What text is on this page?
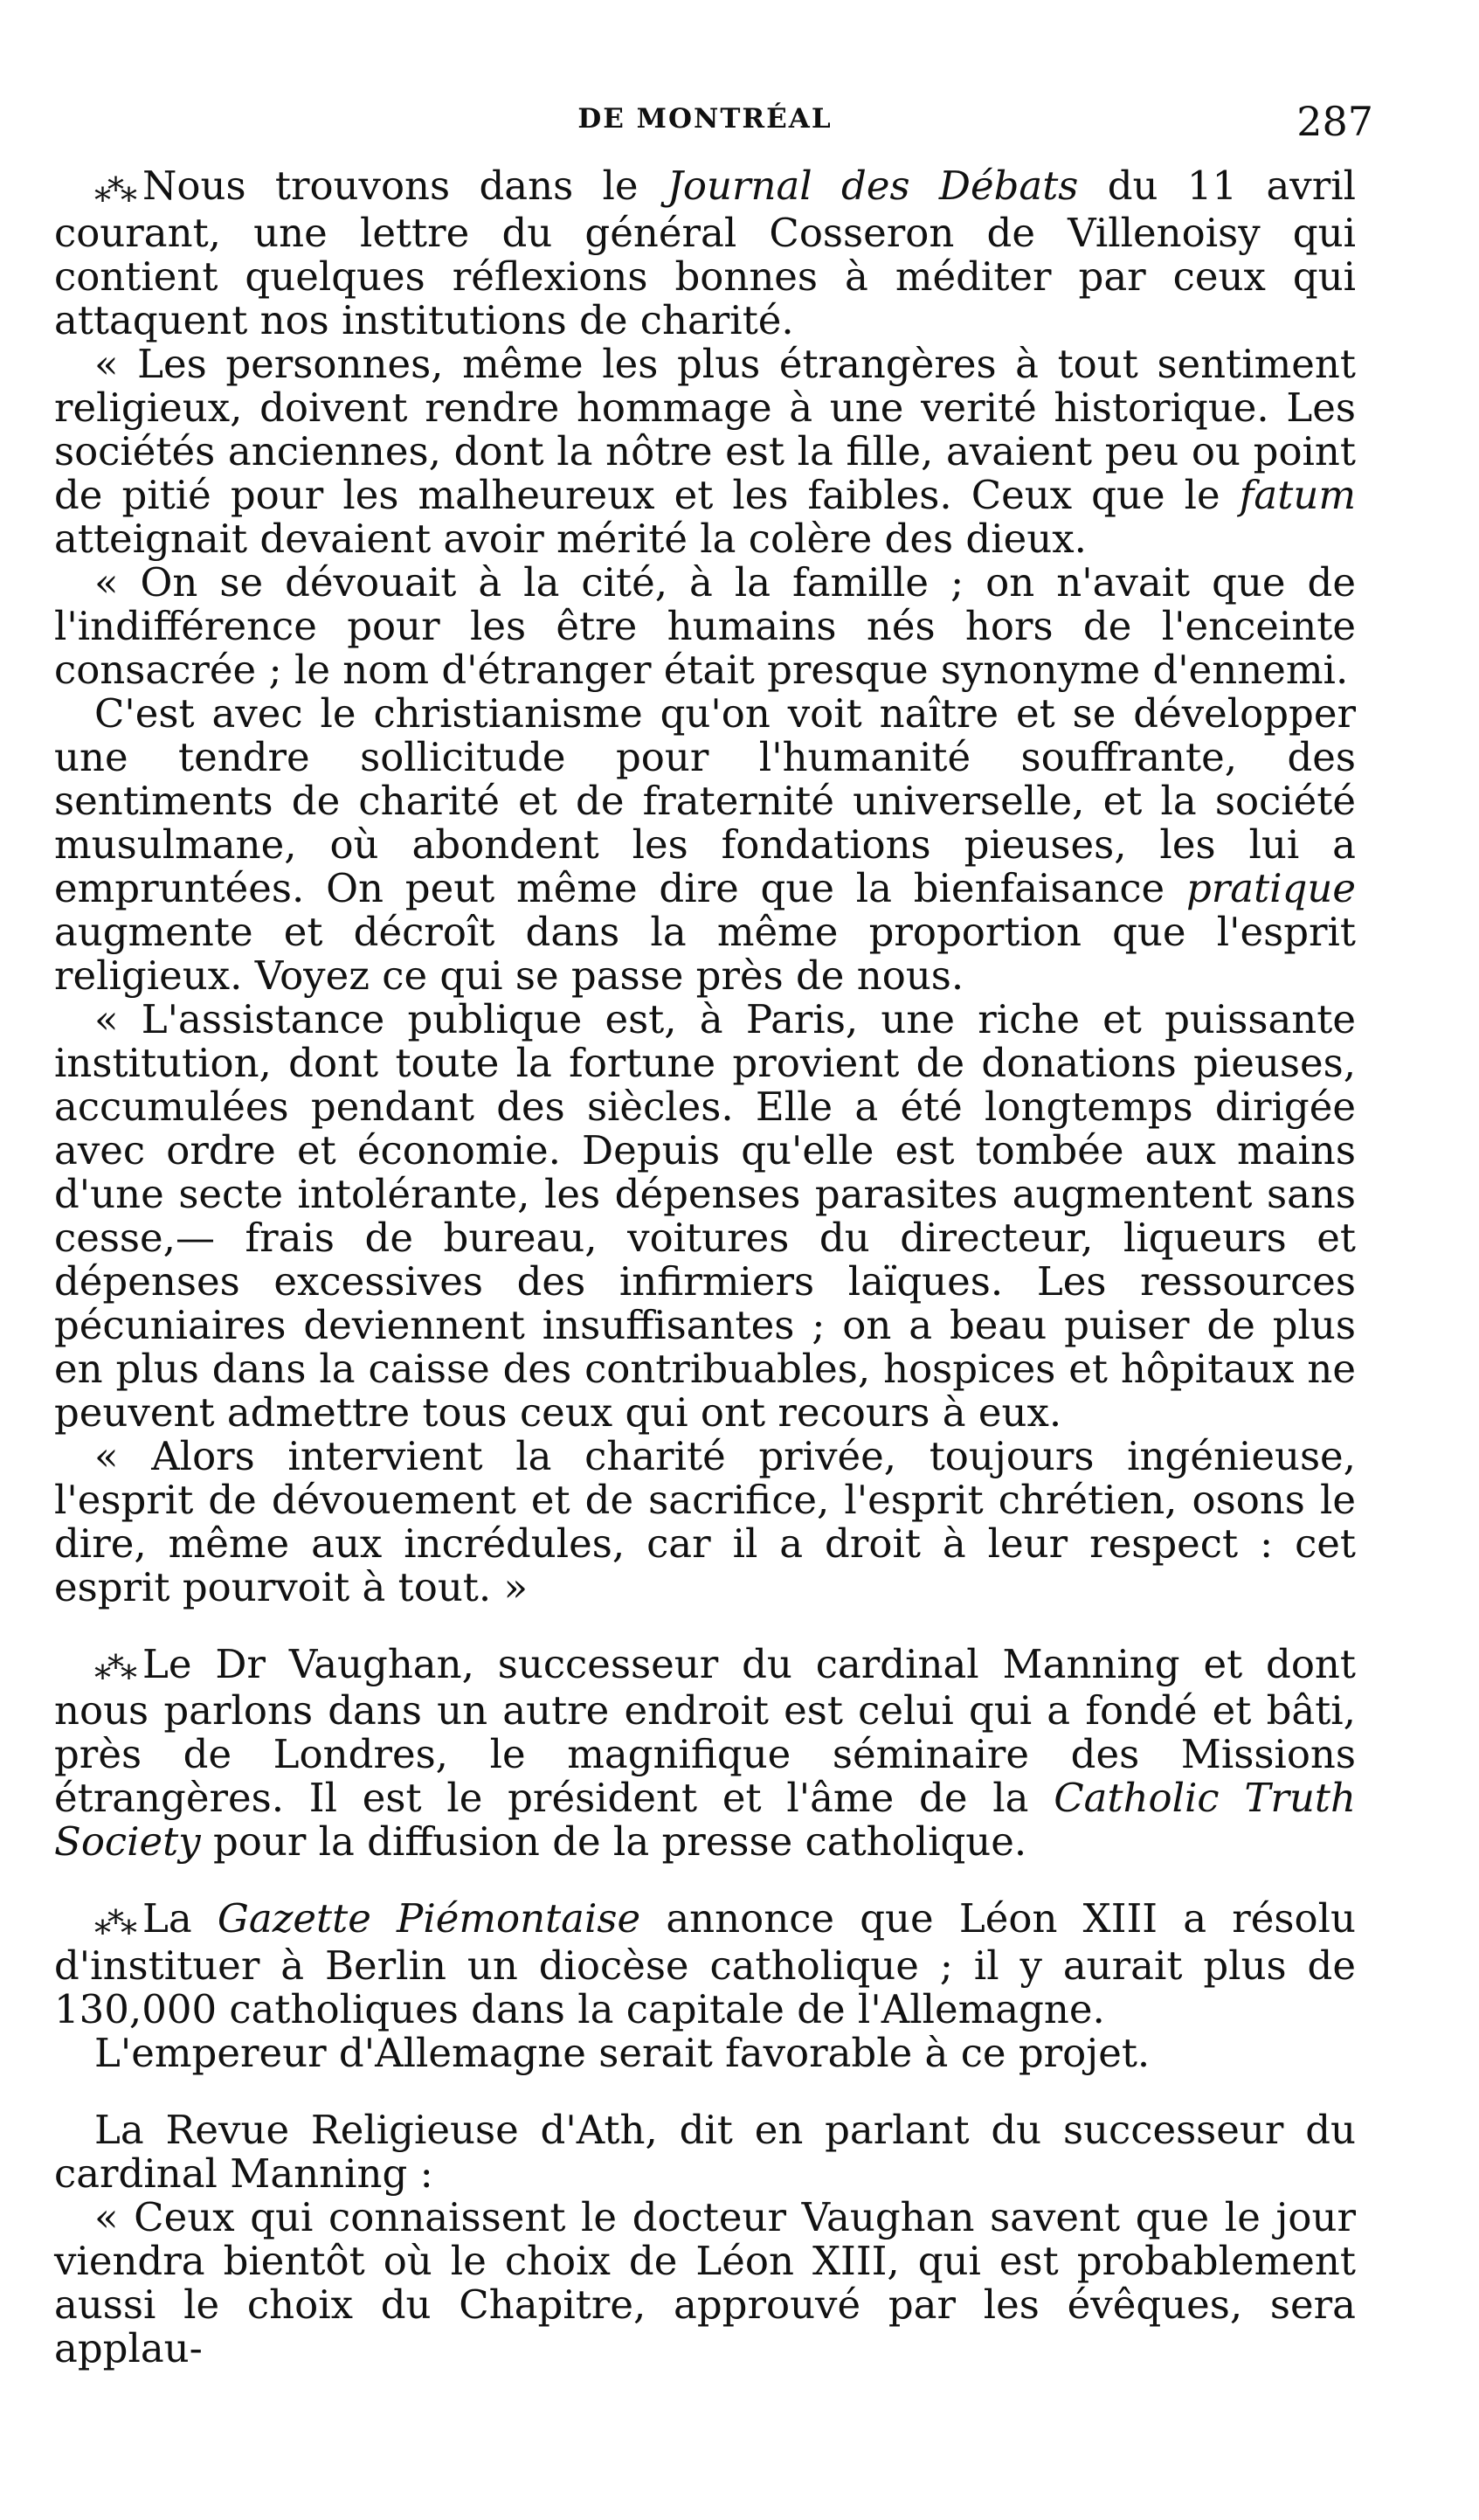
DE MONTRÉAL	287

⁎*⁎ Nous trouvons dans le Journal des Débats du 11 avril courant, une lettre du général Cosseron de Villenoisy qui contient quelques réflexions bonnes à méditer par ceux qui attaquent nos institutions de charité.

« Les personnes, même les plus étrangères à tout sentiment religieux, doivent rendre hommage à une verité historique. Les sociétés anciennes, dont la nôtre est la fille, avaient peu ou point de pitié pour les malheureux et les faibles. Ceux que le fatum atteignait devaient avoir mérité la colère des dieux.

« On se dévouait à la cité, à la famille ; on n'avait que de l'indifférence pour les être humains nés hors de l'enceinte consacrée ; le nom d'étranger était presque synonyme d'ennemi.

C'est avec le christianisme qu'on voit naître et se développer une tendre sollicitude pour l'humanité souffrante, des sentiments de charité et de fraternité universelle, et la société musulmane, où abondent les fondations pieuses, les lui a empruntées. On peut même dire que la bienfaisance pratique augmente et décroît dans la même proportion que l'esprit religieux. Voyez ce qui se passe près de nous.

« L'assistance publique est, à Paris, une riche et puissante institution, dont toute la fortune provient de donations pieuses, accumulées pendant des siècles. Elle a été longtemps dirigée avec ordre et économie. Depuis qu'elle est tombée aux mains d'une secte intolérante, les dépenses parasites augmentent sans cesse,— frais de bureau, voitures du directeur, liqueurs et dépenses excessives des infirmiers laïques. Les ressources pécuniaires deviennent insuffisantes ; on a beau puiser de plus en plus dans la caisse des contribuables, hospices et hôpitaux ne peuvent admettre tous ceux qui ont recours à eux.

« Alors intervient la charité privée, toujours ingénieuse, l'esprit de dévouement et de sacrifice, l'esprit chrétien, osons le dire, même aux incrédules, car il a droit à leur respect : cet esprit pourvoit à tout. »

⁎*⁎ Le Dr Vaughan, successeur du cardinal Manning et dont nous parlons dans un autre endroit est celui qui a fondé et bâti, près de Londres, le magnifique séminaire des Missions étrangères. Il est le président et l'âme de la Catholic Truth Society pour la diffusion de la presse catholique.

⁎*⁎ La Gazette Piémontaise annonce que Léon XIII a résolu d'instituer à Berlin un diocèse catholique ; il y aurait plus de 130,000 catholiques dans la capitale de l'Allemagne.

L'empereur d'Allemagne serait favorable à ce projet.

La Revue Religieuse d'Ath, dit en parlant du successeur du cardinal Manning :

« Ceux qui connaissent le docteur Vaughan savent que le jour viendra bientôt où le choix de Léon XIII, qui est probablement aussi le choix du Chapitre, approuvé par les évêques, sera applau-
